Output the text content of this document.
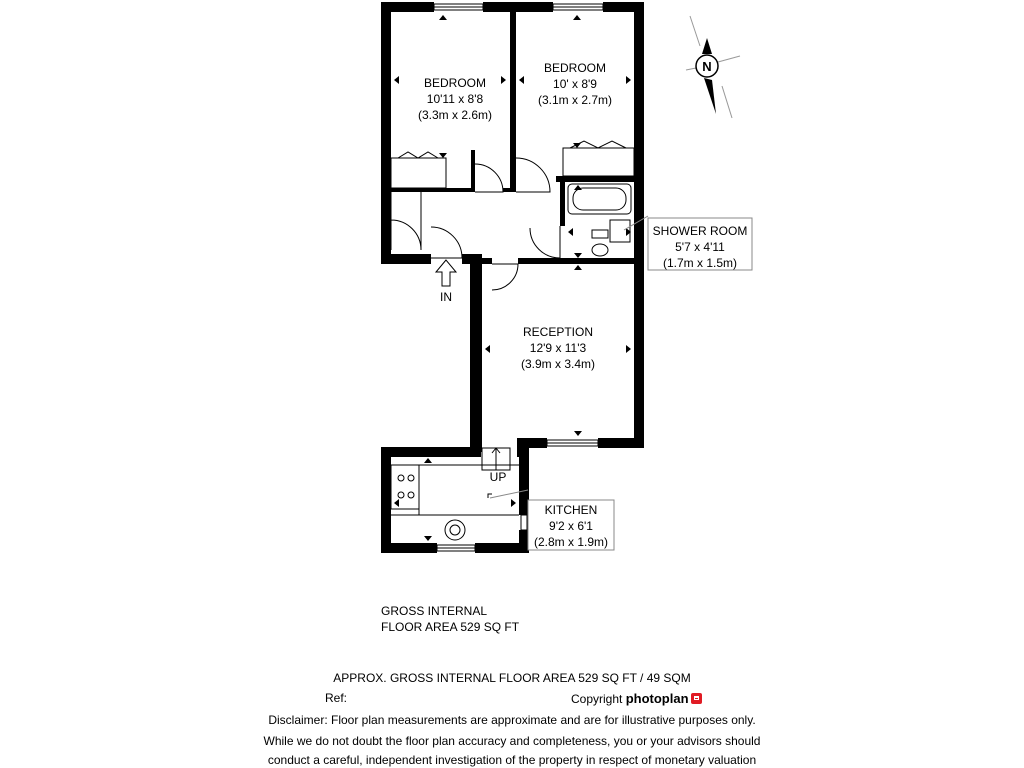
N
BEDROOM
10'11 x 8'8
(3.3m x 2.6m)
BEDROOM
10' x 8'9
(3.1m x 2.7m)
SHOWER ROOM
5'7 x 4'11
(1.7m x 1.5m)
RECEPTION
12'9 x 11'3
(3.9m x 3.4m)
KITCHEN
9'2 x 6'1
(2.8m x 1.9m)
IN
UP
GROSS INTERNAL
FLOOR AREA 529 SQ FT
APPROX. GROSS INTERNAL FLOOR AREA 529 SQ FT / 49 SQM
Ref:	Copyright photoplan
Disclaimer: Floor plan measurements are approximate and are for illustrative purposes only.
While we do not doubt the floor plan accuracy and completeness, you or your advisors should
conduct a careful, independent investigation of the property in respect of monetary valuation
